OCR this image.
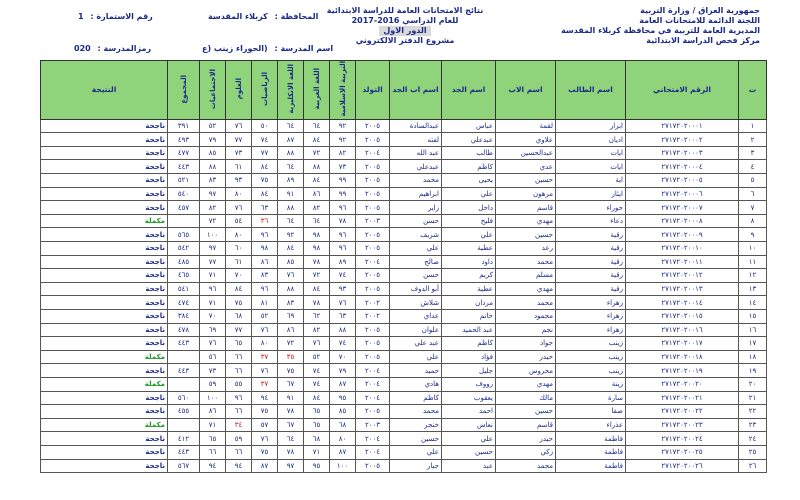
جمهورية العراق / وزارة التربية
اللجنة الدائمة للامتحانات العامة
المديرية العامة للتربية في محافظة كربلاء المقدسة
مركز فحص الدراسة الابتدائية
نتائج الامتحانات العامة للدراسة الابتدائية
للعام الدراسي 2016-2017
الدور الاول
مشروع الدفتر الالكتروني
المحافظة : كربلاء المقدسة
رقم الاستمارة : 1
اسم المدرسة : (الحوراء زينب (ع
رمزالمدرسة : 020
ت	الرقم الامتحاني	اسم الطالب	اسم الاب	اسم الجد	اسم اب الجد	التولد	التربية الاسلامية	اللغة العربية	اللغة الانكليزية	الرياضيات	العلوم	الاجتماعيات	المجموع	النتيجة
١	٢٧١٧٢٠٢٠٠٠١	ابرار	لقمة	عباس	عبدالسادة	٢٠٠٥	٩٢	٦٤	٦٤	٥٠	٧٦	٥٢	٣٩١	ناجحة
٢	٢٧١٧٢٠٢٠٠٠٢	اديان	علاوي	عبدعلي	لفته	٢٠٠٥	٩٢	٨٤	٨٧	٧٤	٧٧	٧٩	٤٩٣	ناجحة
٣	٢٧١٧٢٠٢٠٠٠٣	ايات	عبدالحسين	طالب	عبد الله	٢٠٠٤	٨٢	٧٢	٨٨	٧٧	٧٣	٨٥	٤٧٧	ناجحة
٤	٢٧١٧٢٠٢٠٠٠٤	ايات	عدي	كاظم	عبدعلي	٢٠٠٥	٧٣	٨٨	٦٤	٨٤	٦١	٨٨	٤٤٣	ناجحة
٥	٢٧١٧٢٠٢٠٠٠٥	اية	حسين	يحيى	محمد	٢٠٠٥	٩٩	٨٤	٨٩	٧٥	٩٣	٨٣	٥٢١	ناجحة
٦	٢٧١٧٢٠٢٠٠٠٦	ايثار	مرهون	علي	ابراهيم	٢٠٠٥	٩٩	٨٦	٩١	٨٤	٨٠	٩٧	٥٤٠	ناجحة
٧	٢٧١٧٢٠٢٠٠٠٧	حوراء	قاسم	داخل	زاير	٢٠٠٥	٩٦	٨٢	٨٨	٦٣	٧٦	٨٢	٤٥٧	ناجحة
٨	٢٧١٧٢٠٢٠٠٠٨	دعاء	مهدي	فليح	حسن	٢٠٠٣	٧٨	٦٤	٦٤	٣٦	٥٤	٧٢		مكملة
٩	٢٧١٧٢٠٢٠٠٠٩	رقية	حسين	علي	شريف	٢٠٠٥	٩٦	٩٨	٩٢	٩٦	٨٠	١٠٠	٥٦٥	ناجحة
١٠	٢٧١٧٢٠٢٠٠١٠	رقية	رعد	عطية	علي	٢٠٠٥	٩٦	٩٨	٨٤	٩٨	٦٠	٩٧	٥٤٢	ناجحة
١١	٢٧١٧٢٠٢٠٠١١	رقية	محمد	داود	صالح	٢٠٠٤	٨٩	٧٨	٨٥	٨٦	٦١	٧٧	٤٨٥	ناجحة
١٢	٢٧١٧٢٠٢٠٠١٢	رقية	مسلم	كريم	حسن	٢٠٠٥	٧٤	٧٢	٧٦	٨٣	٧٠	٧١	٤٦٥	ناجحة
١٣	٢٧١٧٢٠٢٠٠١٣	رقية	مهدي	عطية	أبو الدوف	٢٠٠٥	٩٣	٨٤	٨٨	٩٦	٨٤	٩٦	٥٤١	ناجحة
١٤	٢٧١٧٢٠٢٠٠١٤	زهراء	محمد	مردان	شلاش	٢٠٠٢	٧٦	٧٨	٨٣	٨١	٧٥	٧١	٤٧٤	ناجحة
١٥	٢٧١٧٢٠٢٠٠١٥	زهراء	محمود	حاتم	عداي	٢٠٠٢	٦٣	٦٢	٦٩	٥٢	٦٨	٧٠	٣٨٤	ناجحة
١٦	٢٧١٧٢٠٢٠٠١٦	زهراء	نجم	عبد الحميد	علوان	٢٠٠٥	٨٨	٨٢	٨٦	٧٦	٧٧	٦٩	٤٧٨	ناجحة
١٧	٢٧١٧٢٠٢٠٠١٧	زينب	جواد	كاظم	عبد علي	٢٠٠٥	٧٤	٧٦	٧٢	٨٠	٦٥	٧٦	٤٤٣	ناجحة
١٨	٢٧١٧٢٠٢٠٠١٨	زينب	حيدر	فؤاد	علي	٢٠٠٥	٧٠	٥٢	٣٥	٣٧	٦٦	٥٦		مكملة
١٩	٢٧١٧٢٠٢٠٠١٩	زينب	محروس	جليل	حميد	٢٠٠٤	٧٩	٧٤	٧٥	٧٦	٦٦	٧٣	٤٤٣	ناجحة
٢٠	٢٧١٧٢٠٢٠٠٢٠	زينة	مهدي	رووف	هادي	٢٠٠٤	٨٧	٧٤	٦٧	٣٧	٥٥	٥٩		مكملة
٢١	٢٧١٧٢٠٢٠٠٢١	سارة	مالك	يعقوب	كاظم	٢٠٠٤	٩٥	٨٤	٩١	٩٤	٩٦	١٠٠	٥٦٠	ناجحة
٢٢	٢٧١٧٢٠٢٠٠٢٢	صفا	حسين	احمد	محمد	٢٠٠٥	٨٥	٦٥	٧٨	٧٥	٦٦	٨٦	٤٥٥	ناجحة
٢٣	٢٧١٧٢٠٢٠٠٢٣	عذراء	قاسم	نعاس	خنجر	٢٠٠٣	٦٨	٦٥	٦٧	٥٧	٣٤	٧١		مكملة
٢٤	٢٧١٧٢٠٢٠٠٢٤	فاطمة	حيدر	علي	حسين	٢٠٠٤	٨٠	٦٨	٦٤	٧٦	٥٩	٦٥	٤١٢	ناجحة
٢٥	٢٧١٧٢٠٢٠٠٢٥	فاطمة	زكي	حسين	علي	٢٠٠٤	٨٧	٧١	٧٨	٧٥	٦٦	٦٦	٤٤٣	ناجحة
٢٦	٢٧١٧٢٠٢٠٠٢٦	فاطمة	محمد	عبد	جبار	٢٠٠٥	١٠٠	٩٥	٩٧	٨٧	٩٤	٩٤	٥٦٧	ناجحة
